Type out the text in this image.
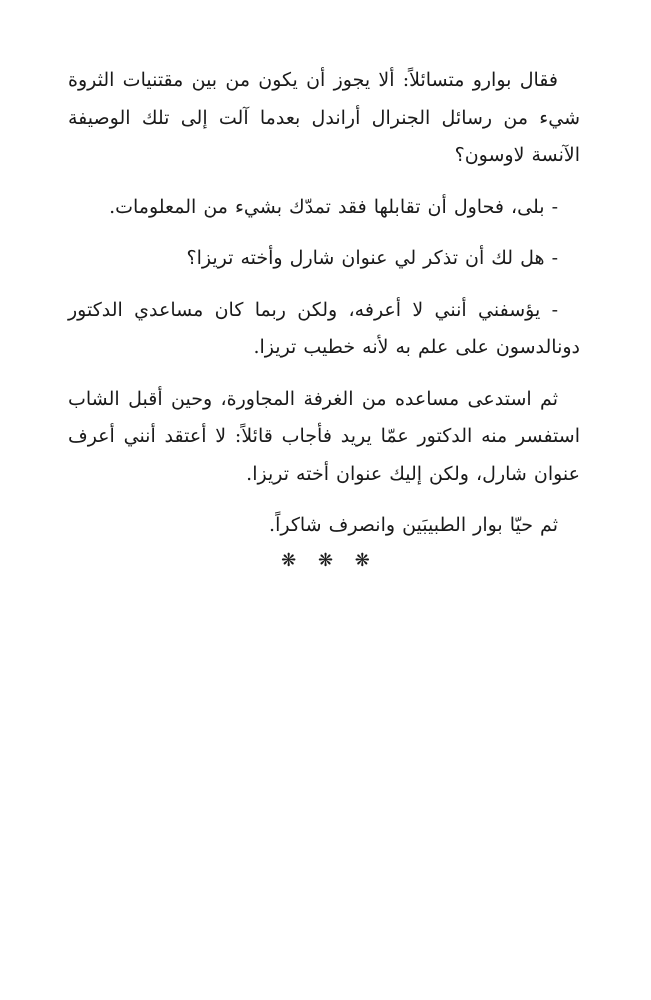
فقال بوارو متسائلاً: ألا يجوز أن يكون من بين مقتنيات الثروة شيء من رسائل الجنرال أراندل بعدما آلت إلى تلك الوصيفة الآنسة لاوسون؟

- بلى، فحاول أن تقابلها فقد تمدّك بشيء من المعلومات.

- هل لك أن تذكر لي عنوان شارل وأخته تريزا؟

- يؤسفني أنني لا أعرفه، ولكن ربما كان مساعدي الدكتور دونالدسون على علم به لأنه خطيب تريزا.

ثم استدعى مساعده من الغرفة المجاورة، وحين أقبل الشاب استفسر منه الدكتور عمّا يريد فأجاب قائلاً: لا أعتقد أنني أعرف عنوان شارل، ولكن إليك عنوان أخته تريزا.

ثم حيّا بوار الطبيبَين وانصرف شاكراً.

❋ ❋ ❋
